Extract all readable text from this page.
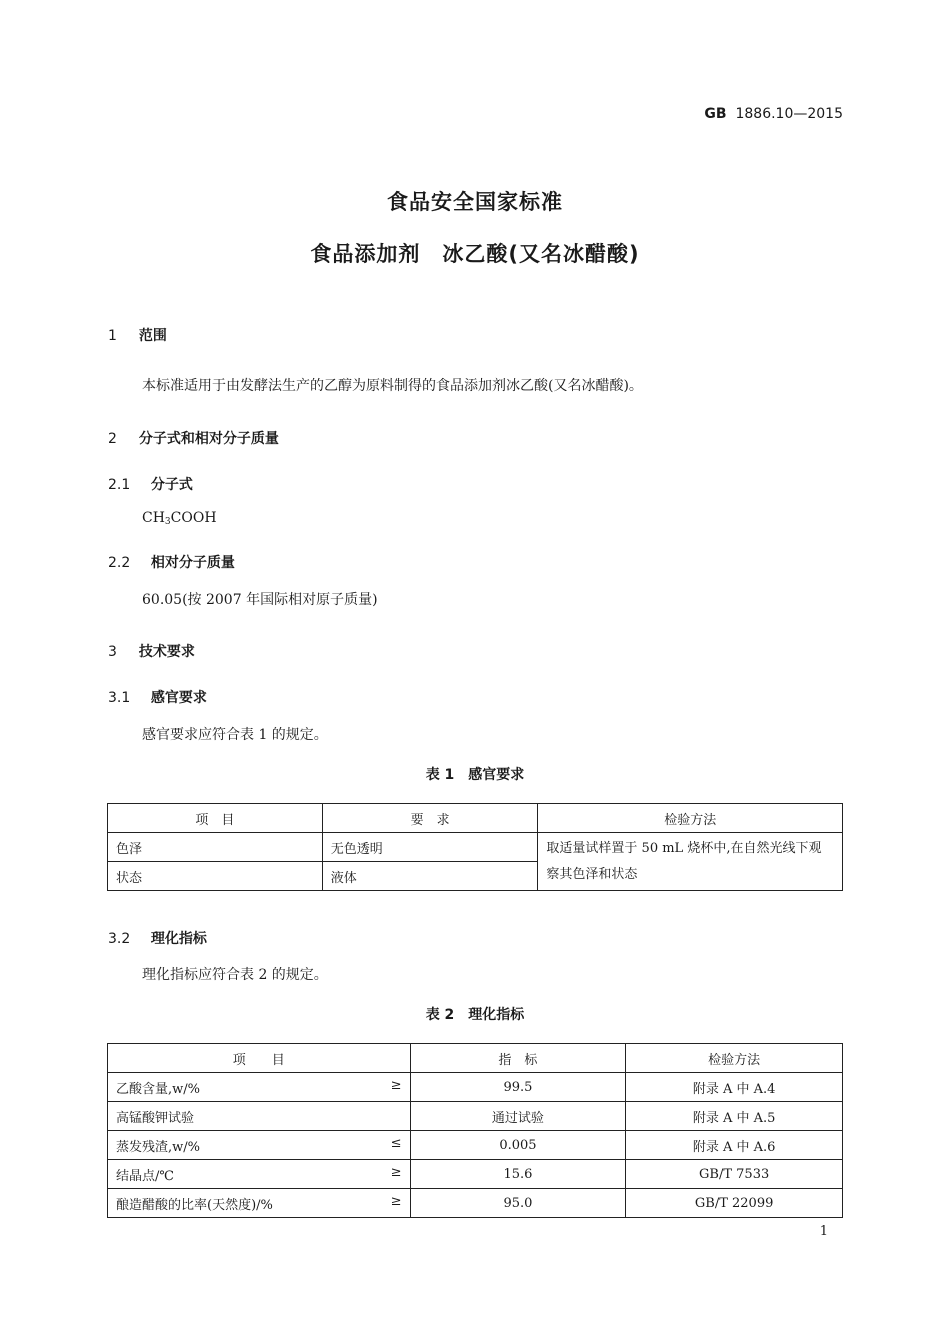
GB 1886.10—2015
食品安全国家标准
食品添加剂　冰乙酸(又名冰醋酸)
1 范围
本标准适用于由发酵法生产的乙醇为原料制得的食品添加剂冰乙酸(又名冰醋酸)。
2 分子式和相对分子质量
2.1 分子式
$CH_3COOH$
2.2 相对分子质量
60.05(按 2007 年国际相对原子质量)
3 技术要求
3.1 感官要求
感官要求应符合表 1 的规定。
表 1　感官要求
项　目	要　求	检验方法
色泽	无色透明	取适量试样置于 50 mL 烧杯中,在自然光线下观察其色泽和状态
状态	液体	
3.2 理化指标
理化指标应符合表 2 的规定。
表 2　理化指标
项　　目	指　标	检验方法

乙酸含量,w/% ≥	99.5	附录 A 中 A.4

高锰酸钾试验	通过试验	附录 A 中 A.5

蒸发残渣,w/% ≤	0.005	附录 A 中 A.6

结晶点/℃ ≥	15.6	GB/T 7533

酿造醋酸的比率(天然度)/% ≥	95.0	GB/T 22099
1
